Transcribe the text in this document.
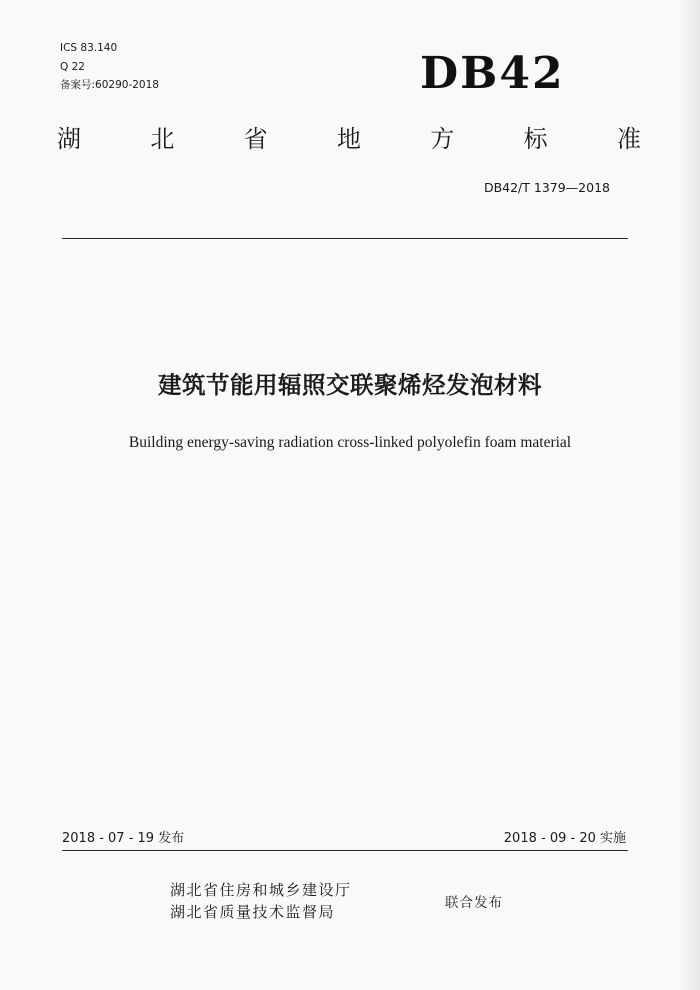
ICS 83.140
Q 22
备案号:60290-2018	DB42
湖	北	省	地	方	标	准
DB42/T 1379—2018
建筑节能用辐照交联聚烯烃发泡材料
Building energy-saving radiation cross-linked polyolefin foam material
2018 - 07 - 19 发布	2018 - 09 - 20 实施
湖北省住房和城乡建设厅
湖北省质量技术监督局	联合发布
